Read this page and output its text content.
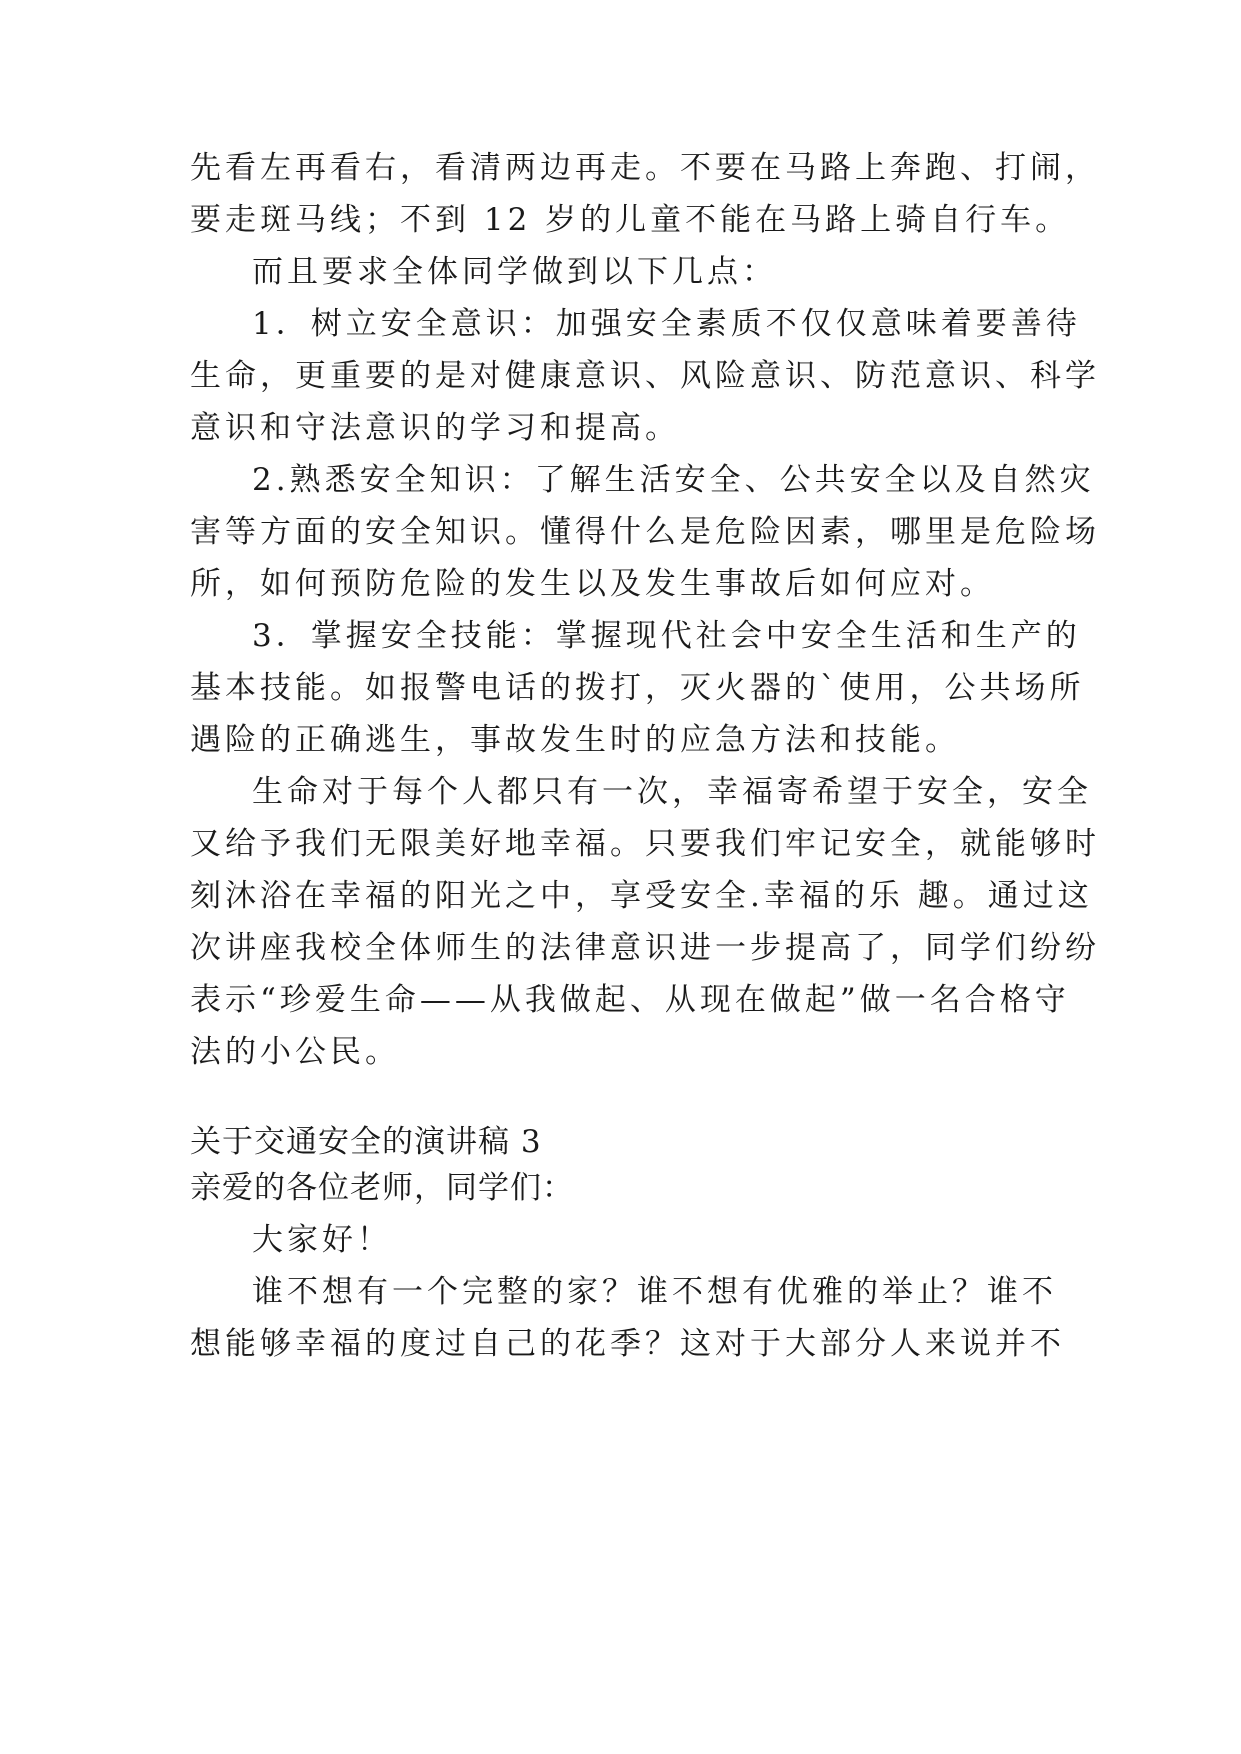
先看左再看右，看清两边再走。不要在马路上奔跑、打闹，
要走斑马线；不到 12 岁的儿童不能在马路上骑自行车。
而且要求全体同学做到以下几点：
1．树立安全意识：加强安全素质不仅仅意味着要善待
生命，更重要的是对健康意识、风险意识、防范意识、科学
意识和守法意识的学习和提高。
2.熟悉安全知识：了解生活安全、公共安全以及自然灾
害等方面的安全知识。懂得什么是危险因素，哪里是危险场
所，如何预防危险的发生以及发生事故后如何应对。
3．掌握安全技能：掌握现代社会中安全生活和生产的
基本技能。如报警电话的拨打，灭火器的`使用，公共场所
遇险的正确逃生，事故发生时的应急方法和技能。
生命对于每个人都只有一次，幸福寄希望于安全，安全
又给予我们无限美好地幸福。只要我们牢记安全，就能够时
刻沐浴在幸福的阳光之中，享受安全.幸福的乐 趣。通过这
次讲座我校全体师生的法律意识进一步提高了，同学们纷纷
表示“珍爱生命——从我做起、从现在做起”做一名合格守
法的小公民。
关于交通安全的演讲稿 3
亲爱的各位老师，同学们：
大家好！
谁不想有一个完整的家？谁不想有优雅的举止？谁不
想能够幸福的度过自己的花季？这对于大部分人来说并不
